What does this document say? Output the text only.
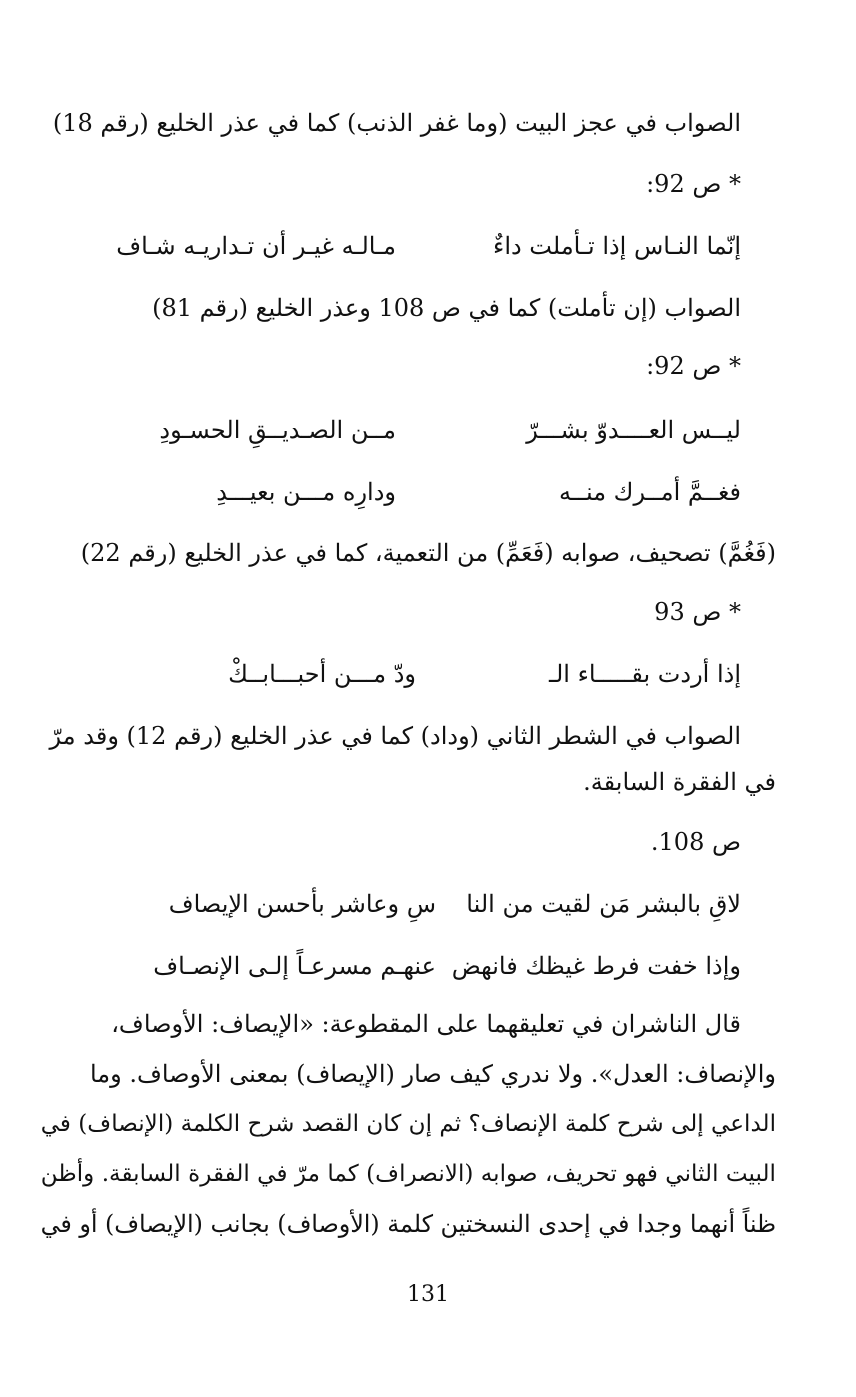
الصواب في عجز البيت (وما غفر الذنب) كما في عذر الخليع (رقم 18)
* ص 92:
إنّما النـاس إذا تـأملت داءٌ
مـالـه غيـر أن تـداريـه شـاف
الصواب (إن تأملت) كما في ص 108 وعذر الخليع (رقم 81)
* ص 92:
ليــس العــــدوّ بشـــرّ
مــن الصـديــقِ الحسـودِ
فغــمَّ أمــرك منــه
ودارِه مـــن بعيـــدِ
(فَغُمَّ) تصحيف، صوابه (فَعَمِّ) من التعمية، كما في عذر الخليع (رقم 22)
* ص 93
إذا أردت بقـــــاء الـ
ودّ مـــن أحبـــابــكْ
الصواب في الشطر الثاني (وداد) كما في عذر الخليع (رقم 12) وقد مرّ
في الفقرة السابقة.
ص 108.
لاقِ بالبشر مَن لقيت من النا
سِ وعاشر بأحسن الإيصاف
وإذا خفت فرط غيظك فانهض
عنهـم مسرعـاً إلـى الإنصـاف
قال الناشران في تعليقهما على المقطوعة: «الإيصاف: الأوصاف،
والإنصاف: العدل». ولا ندري كيف صار (الإيصاف) بمعنى الأوصاف. وما
الداعي إلى شرح كلمة الإنصاف؟ ثم إن كان القصد شرح الكلمة (الإنصاف) في
البيت الثاني فهو تحريف، صوابه (الانصراف) كما مرّ في الفقرة السابقة. وأظن
ظناً أنهما وجدا في إحدى النسختين كلمة (الأوصاف) بجانب (الإيصاف) أو في
131
